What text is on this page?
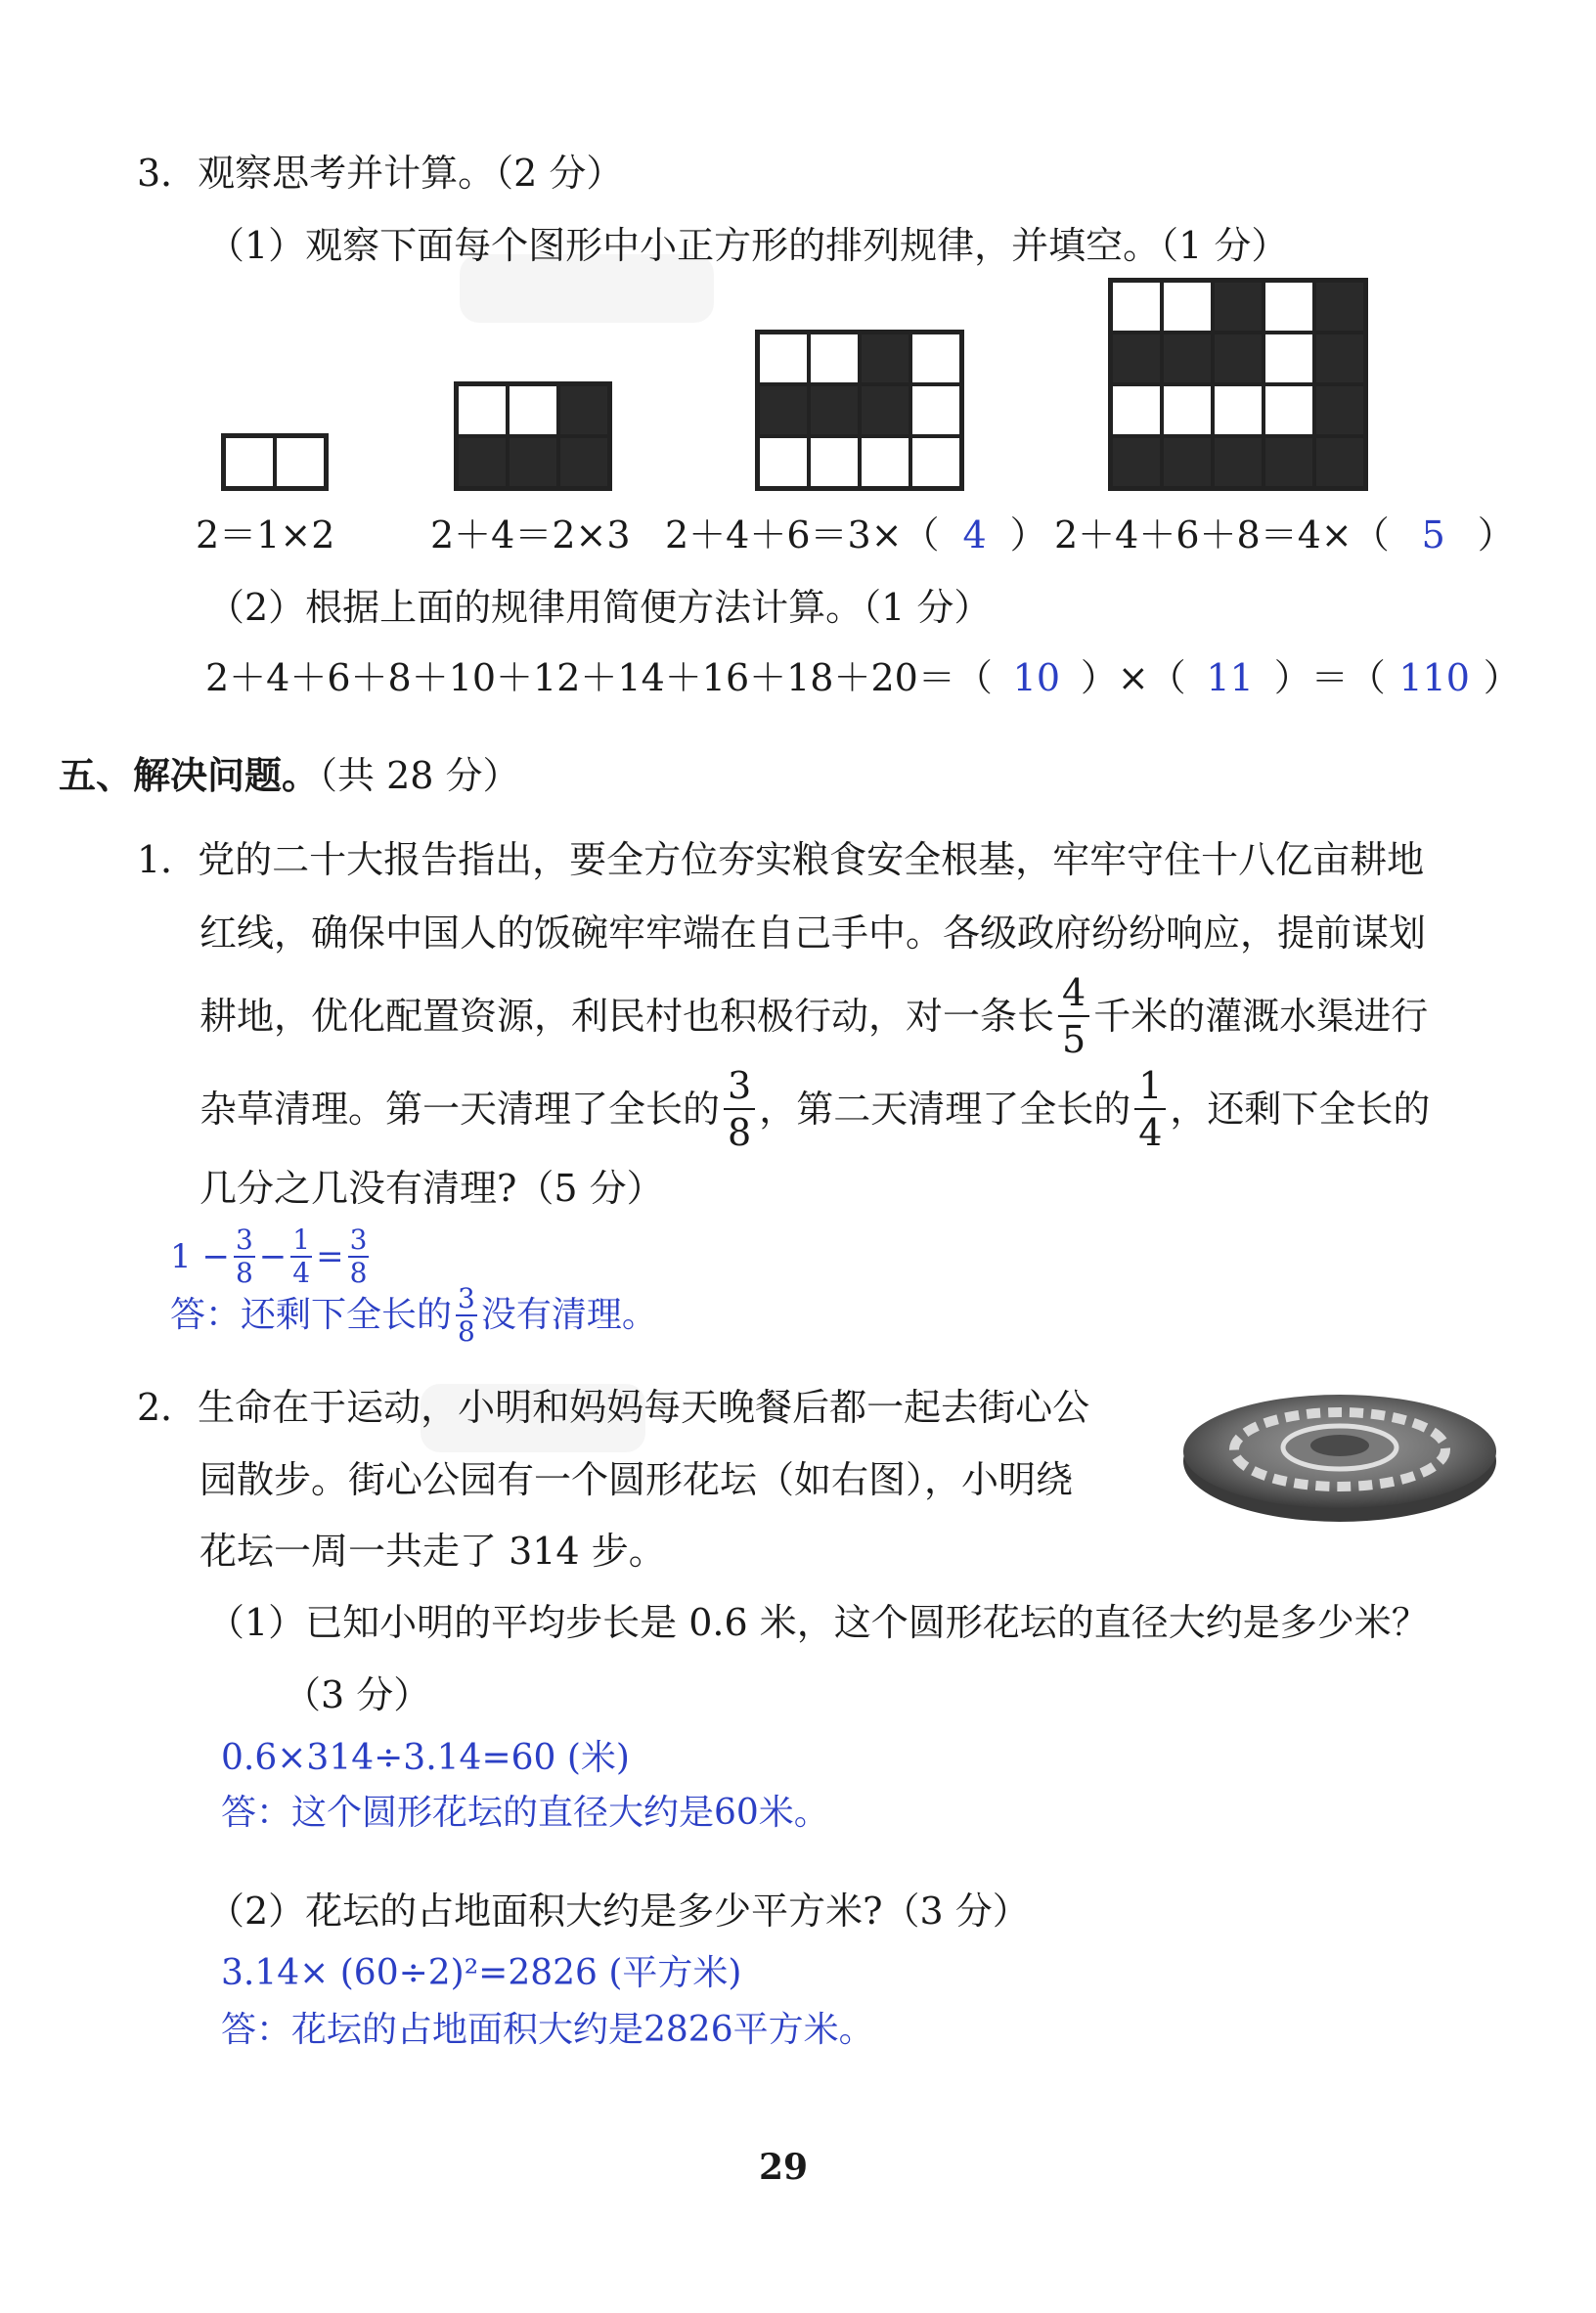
3．观察思考并计算。（2 分）
（1）观察下面每个图形中小正方形的排列规律，并填空。（1 分）
2＝1×2	2＋4＝2×3 2＋4＋6＝3×（ 4 ） 2＋4＋6＋8＝4×（ 5 ）
（2）根据上面的规律用简便方法计算。（1 分）
2＋4＋6＋8＋10＋12＋14＋16＋18＋20＝（ 10 ）×（ 11 ）＝（ 110 ）
五、解决问题。（共 28 分）
1．党的二十大报告指出，要全方位夯实粮食安全根基，牢牢守住十八亿亩耕地
红线，确保中国人的饭碗牢牢端在自己手中。各级政府纷纷响应，提前谋划
耕地，优化配置资源，利民村也积极行动，对一条长 $\frac{4}{5}$ 千米的灌溉水渠进行
杂草清理。第一天清理了全长的 $\frac{3}{8}$ ，第二天清理了全长的 $\frac{1}{4}$ ，还剩下全长的
几分之几没有清理?（5 分）
$1 - \frac{3}{8} - \frac{1}{4} = \frac{3}{8}$
答：还剩下全长的 $\frac{3}{8}$ 没有清理。
2．生命在于运动，小明和妈妈每天晚餐后都一起去街心公
园散步。街心公园有一个圆形花坛（如右图），小明绕
花坛一周一共走了 314 步。
（1）已知小明的平均步长是 0.6 米，这个圆形花坛的直径大约是多少米？
（3 分）
0.6×314÷3.14=60 (米)
答：这个圆形花坛的直径大约是60米。
（2）花坛的占地面积大约是多少平方米?（3 分）
3.14× (60÷2)²=2826 (平方米)
答：花坛的占地面积大约是2826平方米。
29
